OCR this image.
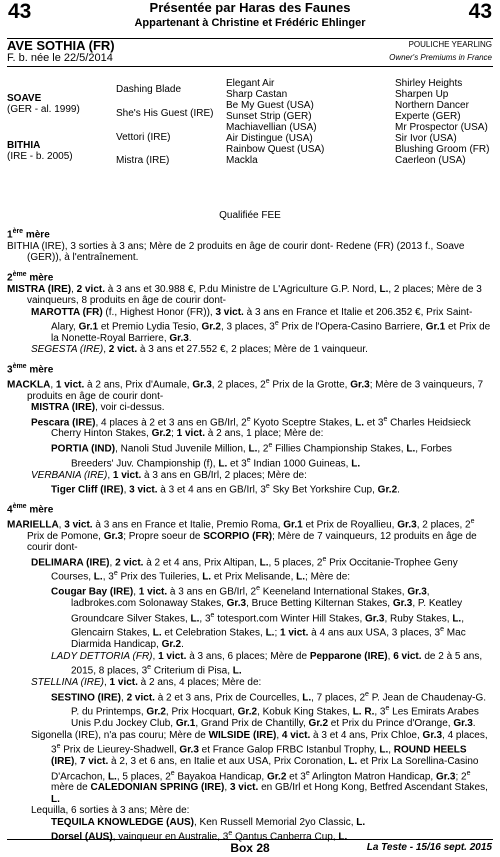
43	43
Présentée par Haras des Faunes
Appartenant à Christine et Frédéric Ehlinger
AVE SOTHIA (FR)
F. b. née le 22/5/2014
POULICHE YEARLING
Owner's Premiums in France
SOAVE
(GER - al. 1999)
BITHIA
(IRE - b. 2005)
Dashing Blade
She's His Guest (IRE)
Vettori (IRE)
Mistra (IRE)
Elegant Air
Sharp Castan
Be My Guest (USA)
Sunset Strip (GER)
Machiavellian (USA)
Air Distingue (USA)
Rainbow Quest (USA)
Mackla
Shirley Heights
Sharpen Up
Northern Dancer
Experte (GER)
Mr Prospector (USA)
Sir Ivor (USA)
Blushing Groom (FR)
Caerleon (USA)
Qualifiée FEE
1ère mère
BITHIA (IRE), 3 sorties à 3 ans; Mère de 2 produits en âge de courir dont- Redene (FR) (2013 f., Soave (GER)), à l'entraînement.
2ème mère
MISTRA (IRE), 2 vict. à 3 ans et 30.988 €, P.du Ministre de L'Agriculture G.P. Nord, L., 2 places; Mère de 3 vainqueurs, 8 produits en âge de courir dont-
MAROTTA (FR) (f., Highest Honor (FR)), 3 vict. à 3 ans en France et Italie et 206.352 €, Prix Saint-Alary, Gr.1 et Premio Lydia Tesio, Gr.2, 3 places, 3e Prix de l'Opera-Casino Barriere, Gr.1 et Prix de la Nonette-Royal Barriere, Gr.3.
SEGESTA (IRE), 2 vict. à 3 ans et 27.552 €, 2 places; Mère de 1 vainqueur.
3ème mère
MACKLA, 1 vict. à 2 ans, Prix d'Aumale, Gr.3, 2 places, 2e Prix de la Grotte, Gr.3; Mère de 3 vainqueurs, 7 produits en âge de courir dont-
MISTRA (IRE), voir ci-dessus.
Pescara (IRE), 4 places à 2 et 3 ans en GB/Irl, 2e Kyoto Sceptre Stakes, L. et 3e Charles Heidsieck Cherry Hinton Stakes, Gr.2; 1 vict. à 2 ans, 1 place; Mère de:
PORTIA (IND), Nanoli Stud Juvenile Million, L., 2e Fillies Championship Stakes, L., Forbes Breeders' Juv. Championship (f), L. et 3e Indian 1000 Guineas, L.
VERBANIA (IRE), 1 vict. à 3 ans en GB/Irl, 2 places; Mère de:
Tiger Cliff (IRE), 3 vict. à 3 et 4 ans en GB/Irl, 3e Sky Bet Yorkshire Cup, Gr.2.
4ème mère
MARIELLA, 3 vict. à 3 ans en France et Italie, Premio Roma, Gr.1 et Prix de Royallieu, Gr.3, 2 places, 2e Prix de Pomone, Gr.3; Propre soeur de SCORPIO (FR); Mère de 7 vainqueurs, 12 produits en âge de courir dont-
DELIMARA (IRE), 2 vict. à 2 et 4 ans, Prix Altipan, L., 5 places, 2e Prix Occitanie-Trophee Geny Courses, L., 3e Prix des Tuileries, L. et Prix Melisande, L.; Mère de:
Cougar Bay (IRE), 1 vict. à 3 ans en GB/Irl, 2e Keeneland International Stakes, Gr.3, ladbrokes.com Solonaway Stakes, Gr.3, Bruce Betting Kilternan Stakes, Gr.3, P. Keatley Groundcare Silver Stakes, L., 3e totesport.com Winter Hill Stakes, Gr.3, Ruby Stakes, L., Glencairn Stakes, L. et Celebration Stakes, L.; 1 vict. à 4 ans aux USA, 3 places, 3e Mac Diarmida Handicap, Gr.2.
LADY DETTORIA (FR), 1 vict. à 3 ans, 6 places; Mère de Pepparone (IRE), 6 vict. de 2 à 5 ans, 2015, 8 places, 3e Criterium di Pisa, L.
STELLINA (IRE), 1 vict. à 2 ans, 4 places; Mère de:
SESTINO (IRE), 2 vict. à 2 et 3 ans, Prix de Courcelles, L., 7 places, 2e P. Jean de Chaudenay-G. P. du Printemps, Gr.2, Prix Hocquart, Gr.2, Kobuk King Stakes, L. R., 3e Les Emirats Arabes Unis P.du Jockey Club, Gr.1, Grand Prix de Chantilly, Gr.2 et Prix du Prince d'Orange, Gr.3.
Sigonella (IRE), n'a pas couru; Mère de WILSIDE (IRE), 4 vict. à 3 et 4 ans, Prix Chloe, Gr.3, 4 places, 3e Prix de Lieurey-Shadwell, Gr.3 et France Galop FRBC Istanbul Trophy, L., ROUND HEELS (IRE), 7 vict. à 2, 3 et 6 ans, en Italie et aux USA, Prix Coronation, L. et Prix La Sorellina-Casino D'Arcachon, L., 5 places, 2e Bayakoa Handicap, Gr.2 et 3e Arlington Matron Handicap, Gr.3; 2e mère de CALEDONIAN SPRING (IRE), 3 vict. en GB/Irl et Hong Kong, Betfred Ascendant Stakes, L.
Lequilla, 6 sorties à 3 ans; Mère de:
TEQUILA KNOWLEDGE (AUS), Ken Russell Memorial 2yo Classic, L.
Dorsel (AUS), vainqueur en Australie, 3e Qantus Canberra Cup, L.
Box 28	La Teste - 15/16 sept. 2015
